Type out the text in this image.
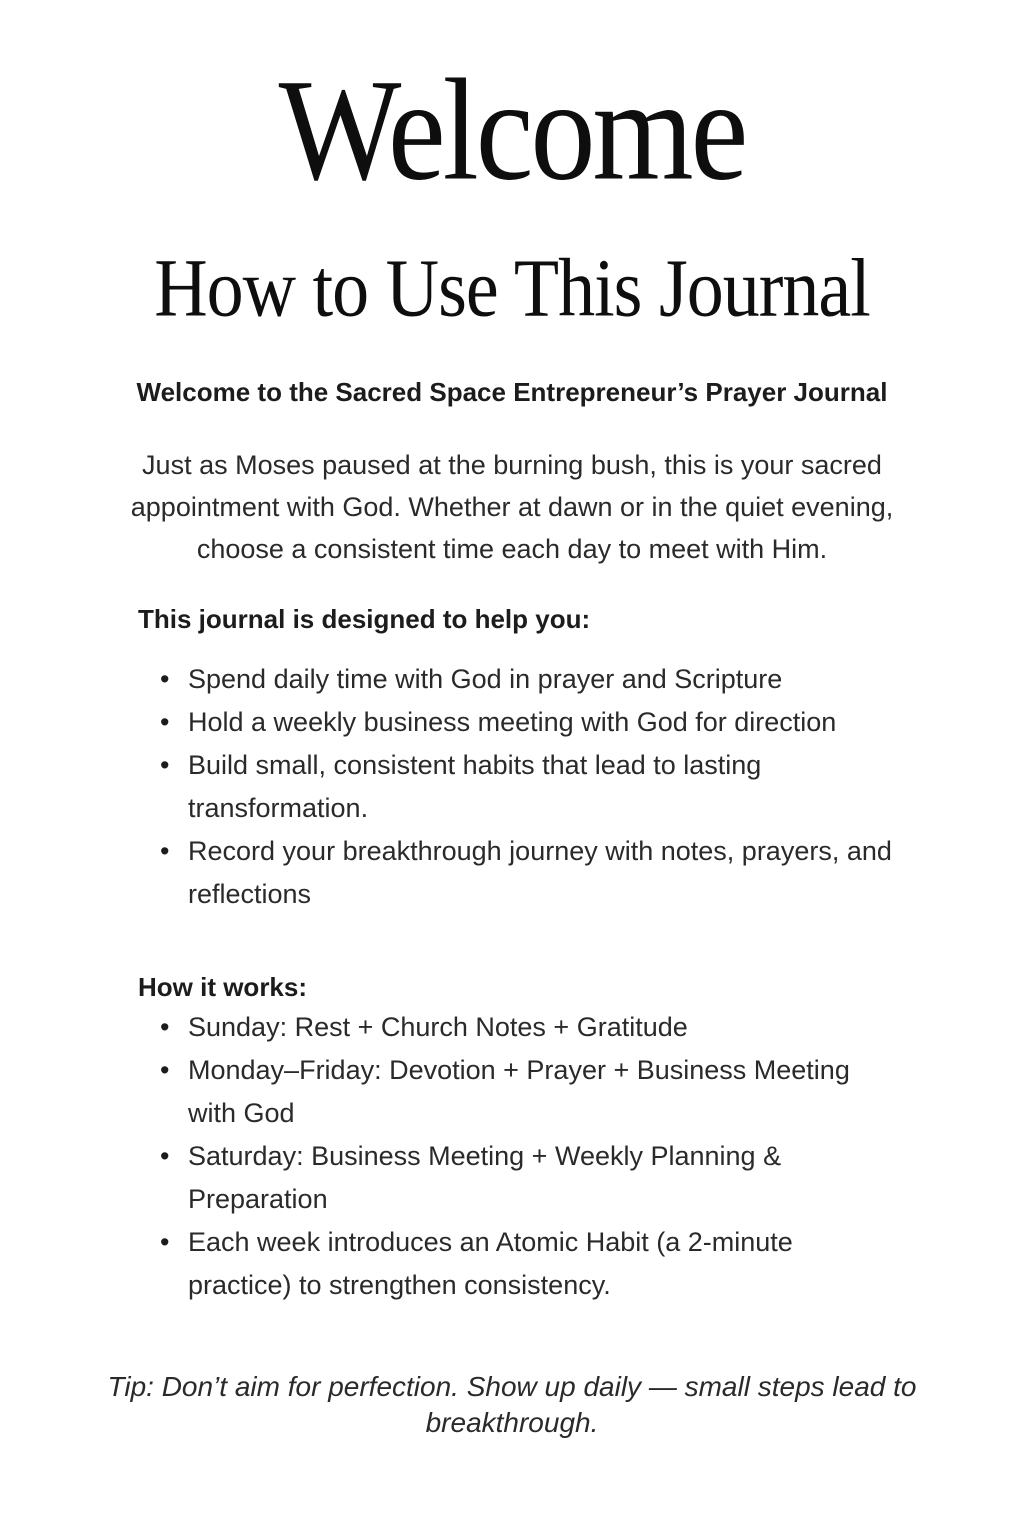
Welcome
How to Use This Journal

Welcome to the Sacred Space Entrepreneur’s Prayer Journal

Just as Moses paused at the burning bush, this is your sacred appointment with God. Whether at dawn or in the quiet evening, choose a consistent time each day to meet with Him.

This journal is designed to help you:
• Spend daily time with God in prayer and Scripture
• Hold a weekly business meeting with God for direction
• Build small, consistent habits that lead to lasting transformation.
• Record your breakthrough journey with notes, prayers, and reflections
How it works:
• Sunday: Rest + Church Notes + Gratitude
• Monday–Friday: Devotion + Prayer + Business Meeting with God
• Saturday: Business Meeting + Weekly Planning & Preparation
• Each week introduces an Atomic Habit (a 2-minute practice) to strengthen consistency.

Tip: Don’t aim for perfection. Show up daily — small steps lead to breakthrough.
